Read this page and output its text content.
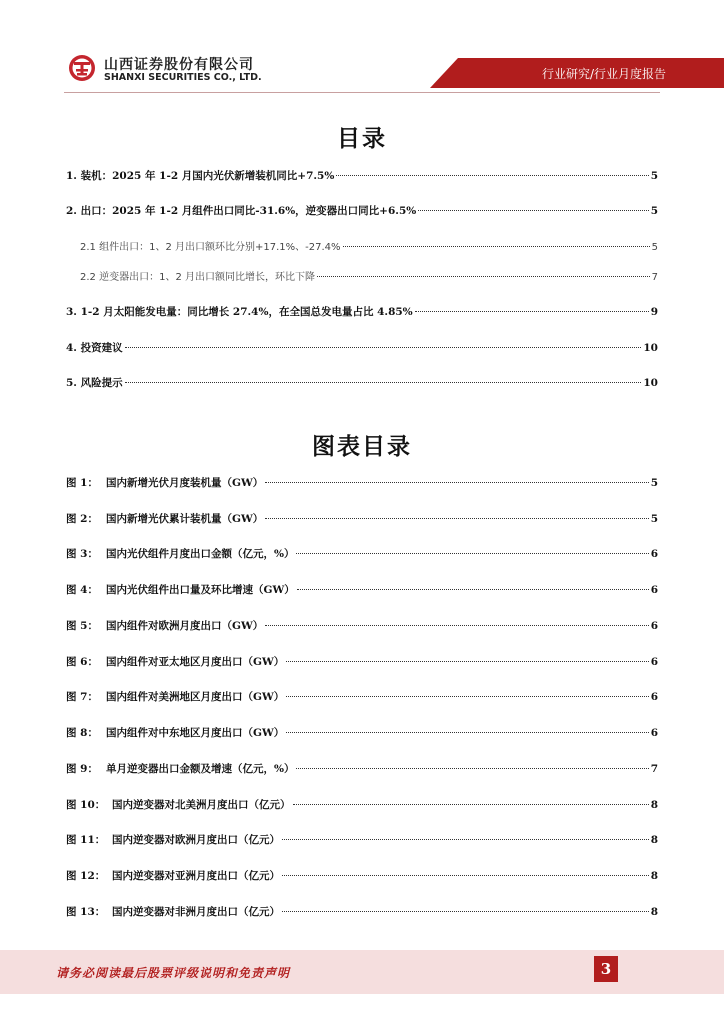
山西证券股份有限公司
SHANXI SECURITIES CO., LTD.	行业研究/行业月度报告
目录
1. 装机：2025 年 1-2 月国内光伏新增装机同比+7.5%	5
2. 出口：2025 年 1-2 月组件出口同比-31.6%，逆变器出口同比+6.5%	5
2.1 组件出口：1、2 月出口额环比分别+17.1%、-27.4%	5
2.2 逆变器出口：1、2 月出口额同比增长，环比下降	7
3. 1-2 月太阳能发电量：同比增长 27.4%，在全国总发电量占比 4.85%	9
4. 投资建议	10
5. 风险提示	10
图表目录
图 1： 国内新增光伏月度装机量（GW）	5
图 2： 国内新增光伏累计装机量（GW）	5
图 3： 国内光伏组件月度出口金额（亿元，%）	6
图 4： 国内光伏组件出口量及环比增速（GW）	6
图 5： 国内组件对欧洲月度出口（GW）	6
图 6： 国内组件对亚太地区月度出口（GW）	6
图 7： 国内组件对美洲地区月度出口（GW）	6
图 8： 国内组件对中东地区月度出口（GW）	6
图 9： 单月逆变器出口金额及增速（亿元，%）	7
图 10： 国内逆变器对北美洲月度出口（亿元）	8
图 11： 国内逆变器对欧洲月度出口（亿元）	8
图 12： 国内逆变器对亚洲月度出口（亿元）	8
图 13： 国内逆变器对非洲月度出口（亿元）	8
请务必阅读最后股票评级说明和免责声明	3
